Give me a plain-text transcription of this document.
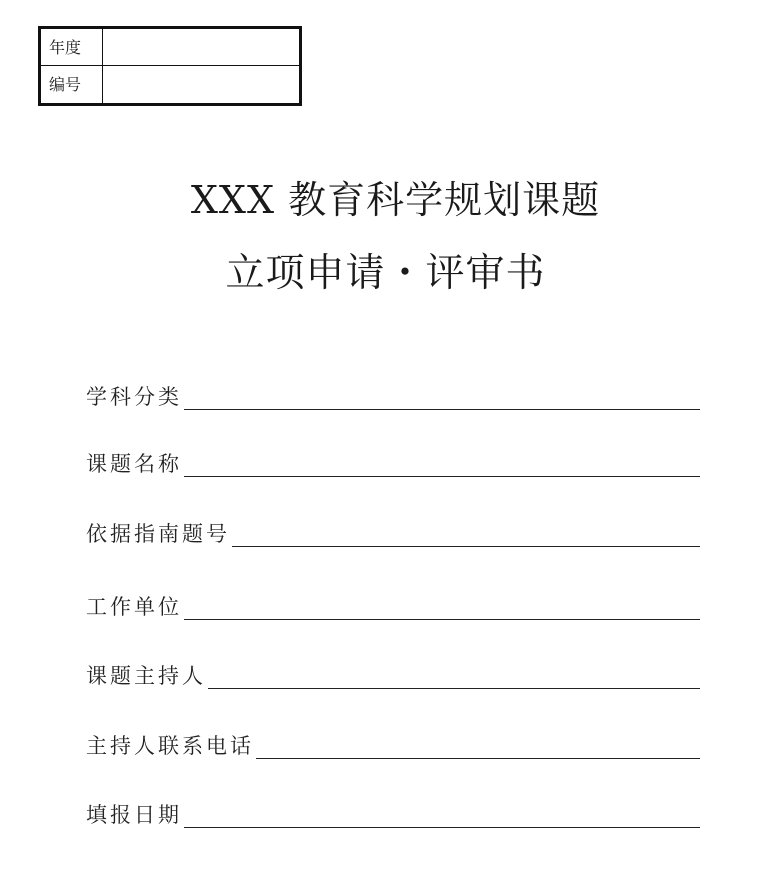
年度
编号
XXX 教育科学规划课题
立项申请・评审书
学科分类
课题名称
依据指南题号
工作单位
课题主持人
主持人联系电话
填报日期
